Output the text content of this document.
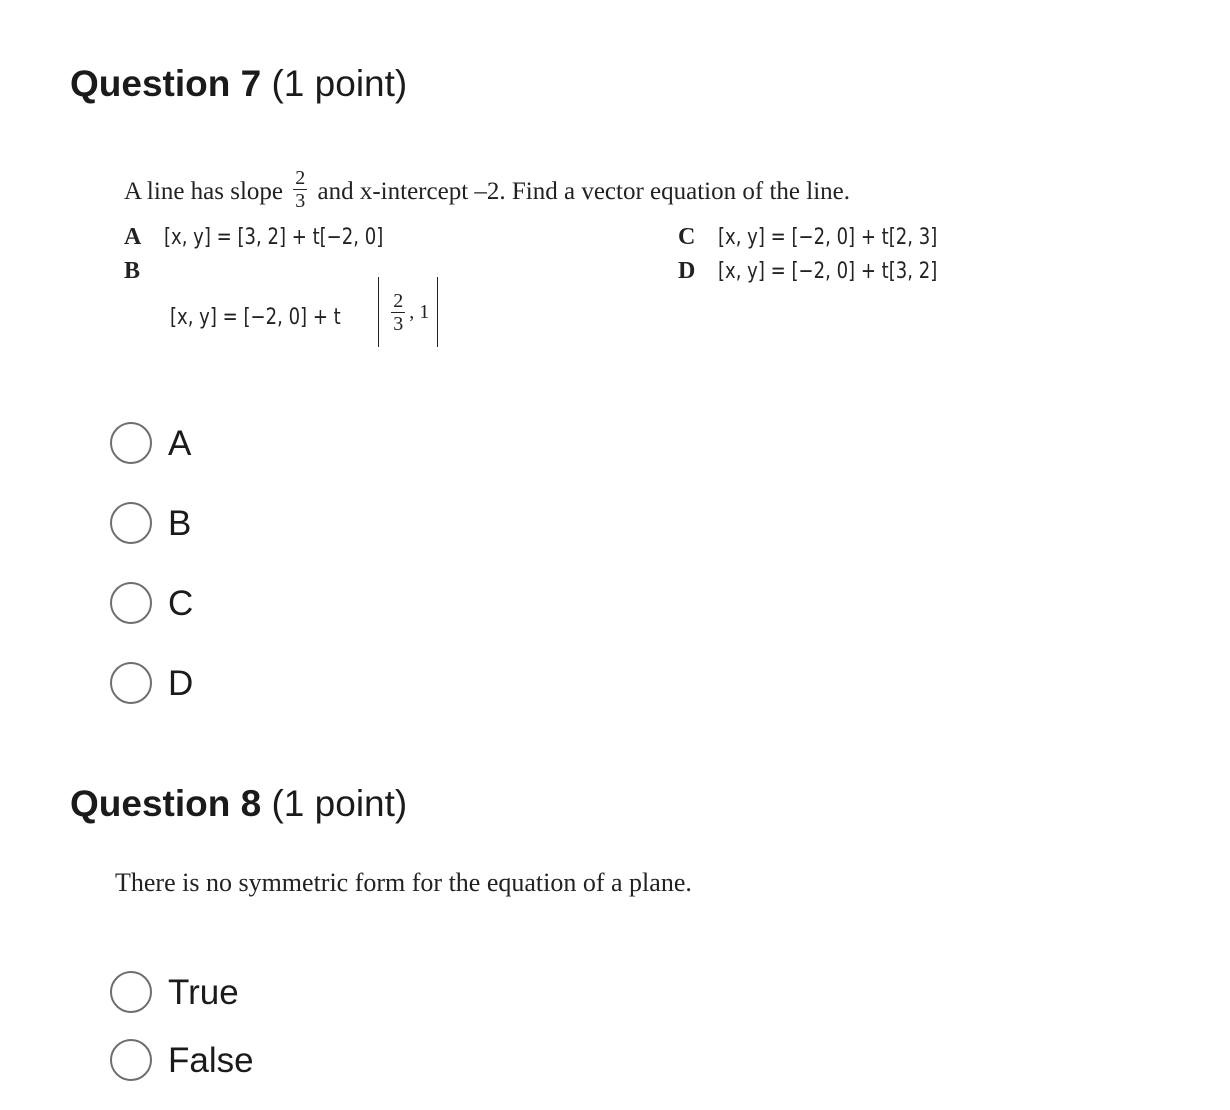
Question 7 (1 point)
A line has slope $\frac{2}{3}$ and x-intercept –2. Find a vector equation of the line.
A [x, y] = [3, 2] + t[−2, 0]
B
[x, y] = [−2, 0] + t	$\frac{2}{3}$ , 1
C [x, y] = [−2, 0] + t[2, 3]
D [x, y] = [−2, 0] + t[3, 2]
A
B
C
D
Question 8 (1 point)
There is no symmetric form for the equation of a plane.
True
False
